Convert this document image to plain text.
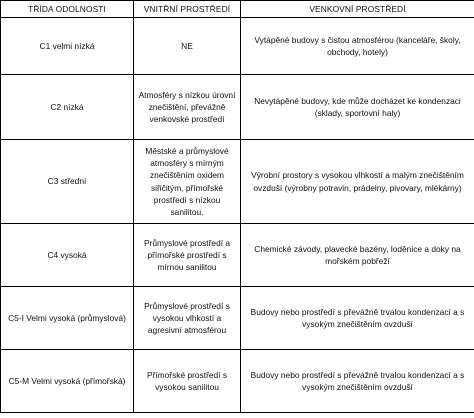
TŘÍDA ODOLNOSTI	VNITŘNÍ PROSTŘEDÍ	VENKOVNÍ PROSTŘEDÍ
C1 velmi nízká	NE	Vytápěné budovy s čistou atmosférou (kanceláře, školy, obchody, hotely)
C2 nízká	Atmosféry s nízkou úrovní znečištění, převážně venkovské prostředí	Nevytápěné budovy, kde může docházet ke kondenzaci (sklady, sportovní haly)
C3 střední	Městské a průmyslové atmosféry s mírným znečištěním oxidem siřičitým, přímořské prostředí s nízkou sanilitou.	Výrobní prostory s vysokou vlhkostí a malým znečištěním ovzduší (výrobny potravin, prádelny, pivovary, mlékárny)
C4 vysoká	Průmyslové prostředí a přímořské prostředí s mírnou sanilitou	Chemické závody, plavecké bazény, loděnice a doky na mořském pobřeží
C5-I Velmi vysoká (průmyslová)	Průmyslové prostředí s vysokou vlhkostí a agresivní atmosférou	Budovy nebo prostředí s převážně trvalou kondenzací a s vysokým znečištěním ovzduší
C5-M Velmi vysoká (přímořská)	Přímořské prostředí s vysokou sanilitou	Budovy nebo prostředí s převážně trvalou kondenzací a s vysokým znečištěním ovzduší
